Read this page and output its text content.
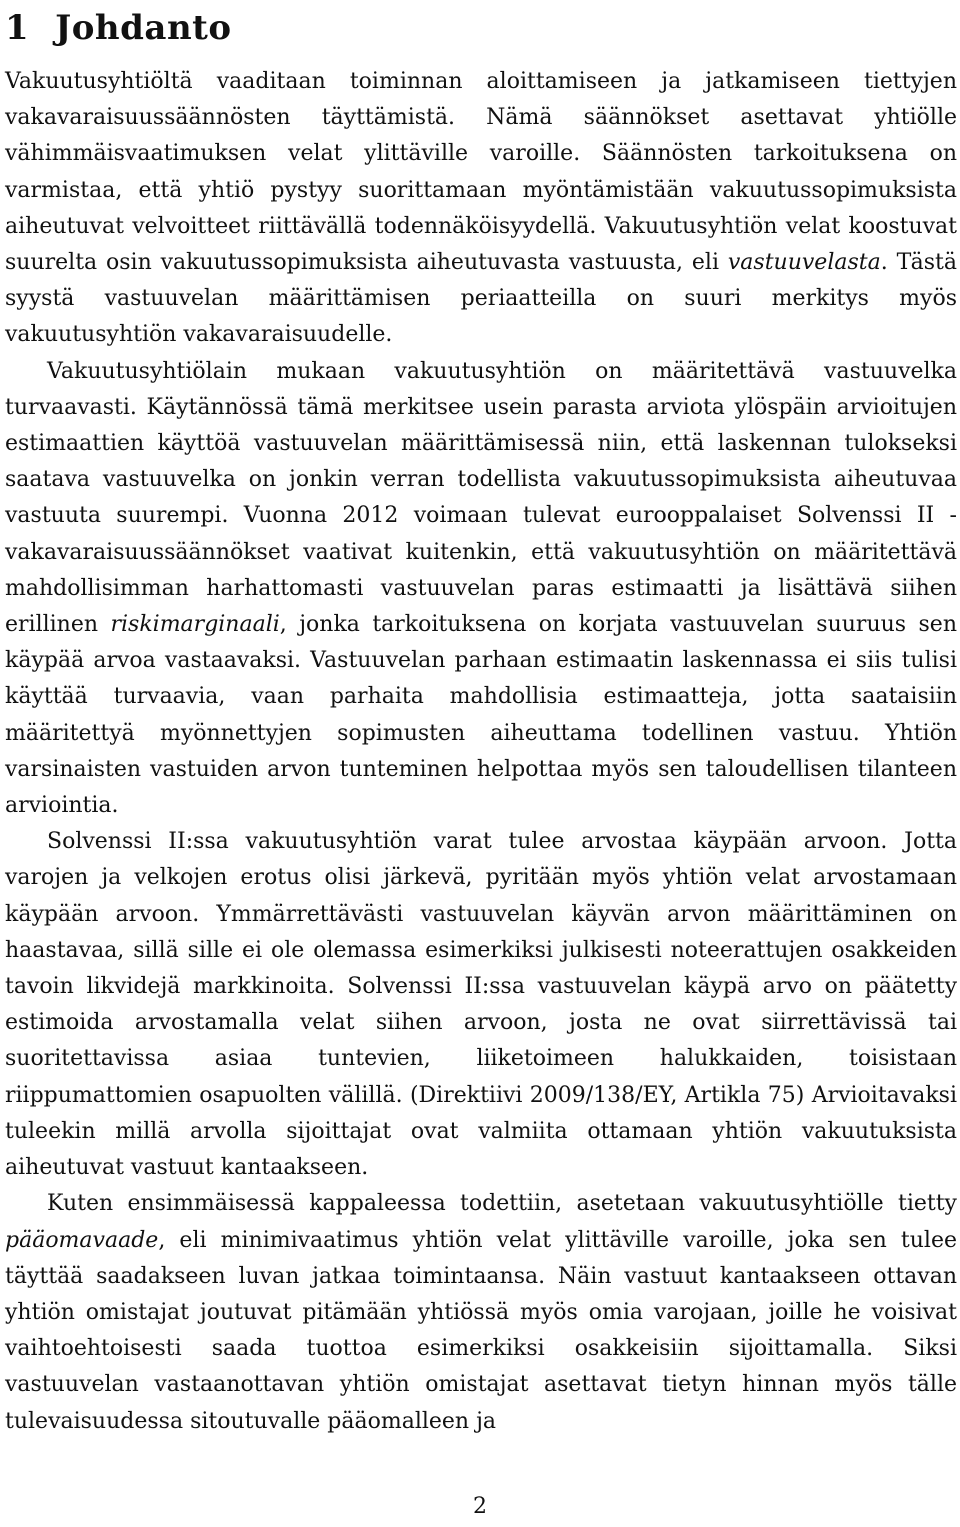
1 Johdanto

Vakuutusyhtiöltä vaaditaan toiminnan aloittamiseen ja jatkamiseen tiettyjen vakavaraisuussäännösten täyttämistä. Nämä säännökset asettavat yhtiölle vähimmäisvaatimuksen velat ylittäville varoille. Säännösten tarkoituksena on varmistaa, että yhtiö pystyy suorittamaan myöntämistään vakuutussopimuksista aiheutuvat velvoitteet riittävällä todennäköisyydellä. Vakuutusyhtiön velat koostuvat suurelta osin vakuutussopimuksista aiheutuvasta vastuusta, eli vastuuvelasta. Tästä syystä vastuuvelan määrittämisen periaatteilla on suuri merkitys myös vakuutusyhtiön vakavaraisuudelle.

Vakuutusyhtiölain mukaan vakuutusyhtiön on määritettävä vastuuvelka turvaavasti. Käytännössä tämä merkitsee usein parasta arviota ylöspäin arvioitujen estimaattien käyttöä vastuuvelan määrittämisessä niin, että laskennan tulokseksi saatava vastuuvelka on jonkin verran todellista vakuutussopimuksista aiheutuvaa vastuuta suurempi. Vuonna 2012 voimaan tulevat eurooppalaiset Solvenssi II - vakavaraisuussäännökset vaativat kuitenkin, että vakuutusyhtiön on määritettävä mahdollisimman harhattomasti vastuuvelan paras estimaatti ja lisättävä siihen erillinen riskimarginaali, jonka tarkoituksena on korjata vastuuvelan suuruus sen käypää arvoa vastaavaksi. Vastuuvelan parhaan estimaatin laskennassa ei siis tulisi käyttää turvaavia, vaan parhaita mahdollisia estimaatteja, jotta saataisiin määritettyä myönnettyjen sopimusten aiheuttama todellinen vastuu. Yhtiön varsinaisten vastuiden arvon tunteminen helpottaa myös sen taloudellisen tilanteen arviointia.

Solvenssi II:ssa vakuutusyhtiön varat tulee arvostaa käypään arvoon. Jotta varojen ja velkojen erotus olisi järkevä, pyritään myös yhtiön velat arvostamaan käypään arvoon. Ymmärrettävästi vastuuvelan käyvän arvon määrittäminen on haastavaa, sillä sille ei ole olemassa esimerkiksi julkisesti noteerattujen osakkeiden tavoin likvidejä markkinoita. Solvenssi II:ssa vastuuvelan käypä arvo on päätetty estimoida arvostamalla velat siihen arvoon, josta ne ovat siirrettävissä tai suoritettavissa asiaa tuntevien, liiketoimeen halukkaiden, toisistaan riippumattomien osapuolten välillä. (Direktiivi 2009/138/EY, Artikla 75) Arvioitavaksi tuleekin millä arvolla sijoittajat ovat valmiita ottamaan yhtiön vakuutuksista aiheutuvat vastuut kantaakseen.

Kuten ensimmäisessä kappaleessa todettiin, asetetaan vakuutusyhtiölle tietty pääomavaade, eli minimivaatimus yhtiön velat ylittäville varoille, joka sen tulee täyttää saadakseen luvan jatkaa toimintaansa. Näin vastuut kantaakseen ottavan yhtiön omistajat joutuvat pitämään yhtiössä myös omia varojaan, joille he voisivat vaihtoehtoisesti saada tuottoa esimerkiksi osakkeisiin sijoittamalla. Siksi vastuuvelan vastaanottavan yhtiön omistajat asettavat tietyn hinnan myös tälle tulevaisuudessa sitoutuvalle pääomalleen ja

2
